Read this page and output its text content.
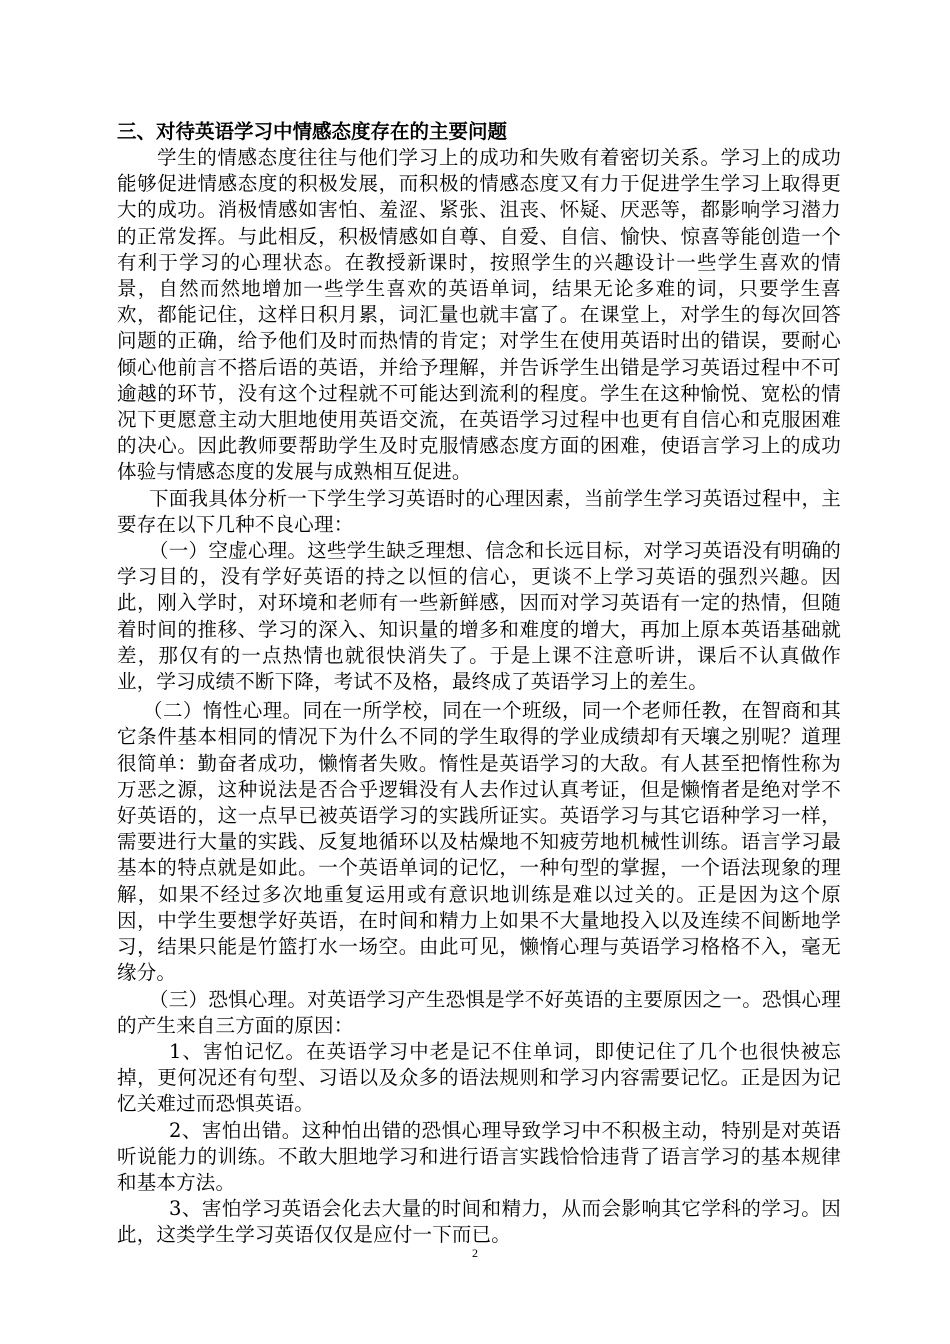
三、对待英语学习中情感态度存在的主要问题

学生的情感态度往往与他们学习上的成功和失败有着密切关系。学习上的成功能够促进情感态度的积极发展，而积极的情感态度又有力于促进学生学习上取得更大的成功。消极情感如害怕、羞涩、紧张、沮丧、怀疑、厌恶等，都影响学习潜力的正常发挥。与此相反，积极情感如自尊、自爱、自信、愉快、惊喜等能创造一个有利于学习的心理状态。在教授新课时，按照学生的兴趣设计一些学生喜欢的情景，自然而然地增加一些学生喜欢的英语单词，结果无论多难的词，只要学生喜欢，都能记住，这样日积月累，词汇量也就丰富了。在课堂上，对学生的每次回答问题的正确，给予他们及时而热情的肯定；对学生在使用英语时出的错误，要耐心倾心他前言不搭后语的英语，并给予理解，并告诉学生出错是学习英语过程中不可逾越的环节，没有这个过程就不可能达到流利的程度。学生在这种愉悦、宽松的情况下更愿意主动大胆地使用英语交流，在英语学习过程中也更有自信心和克服困难的决心。因此教师要帮助学生及时克服情感态度方面的困难，使语言学习上的成功体验与情感态度的发展与成熟相互促进。

下面我具体分析一下学生学习英语时的心理因素，当前学生学习英语过程中，主要存在以下几种不良心理：

（一）空虚心理。这些学生缺乏理想、信念和长远目标，对学习英语没有明确的学习目的，没有学好英语的持之以恒的信心，更谈不上学习英语的强烈兴趣。因此，刚入学时，对环境和老师有一些新鲜感，因而对学习英语有一定的热情，但随着时间的推移、学习的深入、知识量的增多和难度的增大，再加上原本英语基础就差，那仅有的一点热情也就很快消失了。于是上课不注意听讲，课后不认真做作业，学习成绩不断下降，考试不及格，最终成了英语学习上的差生。

（二）惰性心理。同在一所学校，同在一个班级，同一个老师任教，在智商和其它条件基本相同的情况下为什么不同的学生取得的学业成绩却有天壤之别呢？道理很简单：勤奋者成功，懒惰者失败。惰性是英语学习的大敌。有人甚至把惰性称为万恶之源，这种说法是否合乎逻辑没有人去作过认真考证，但是懒惰者是绝对学不好英语的，这一点早已被英语学习的实践所证实。英语学习与其它语种学习一样，需要进行大量的实践、反复地循环以及枯燥地不知疲劳地机械性训练。语言学习最基本的特点就是如此。一个英语单词的记忆，一种句型的掌握，一个语法现象的理解，如果不经过多次地重复运用或有意识地训练是难以过关的。正是因为这个原因，中学生要想学好英语，在时间和精力上如果不大量地投入以及连续不间断地学习，结果只能是竹篮打水一场空。由此可见，懒惰心理与英语学习格格不入，毫无缘分。

（三）恐惧心理。对英语学习产生恐惧是学不好英语的主要原因之一。恐惧心理的产生来自三方面的原因：

1、害怕记忆。在英语学习中老是记不住单词，即使记住了几个也很快被忘掉，更何况还有句型、习语以及众多的语法规则和学习内容需要记忆。正是因为记忆关难过而恐惧英语。

2、害怕出错。这种怕出错的恐惧心理导致学习中不积极主动，特别是对英语听说能力的训练。不敢大胆地学习和进行语言实践恰恰违背了语言学习的基本规律和基本方法。

3、害怕学习英语会化去大量的时间和精力，从而会影响其它学科的学习。因此，这类学生学习英语仅仅是应付一下而已。

2
